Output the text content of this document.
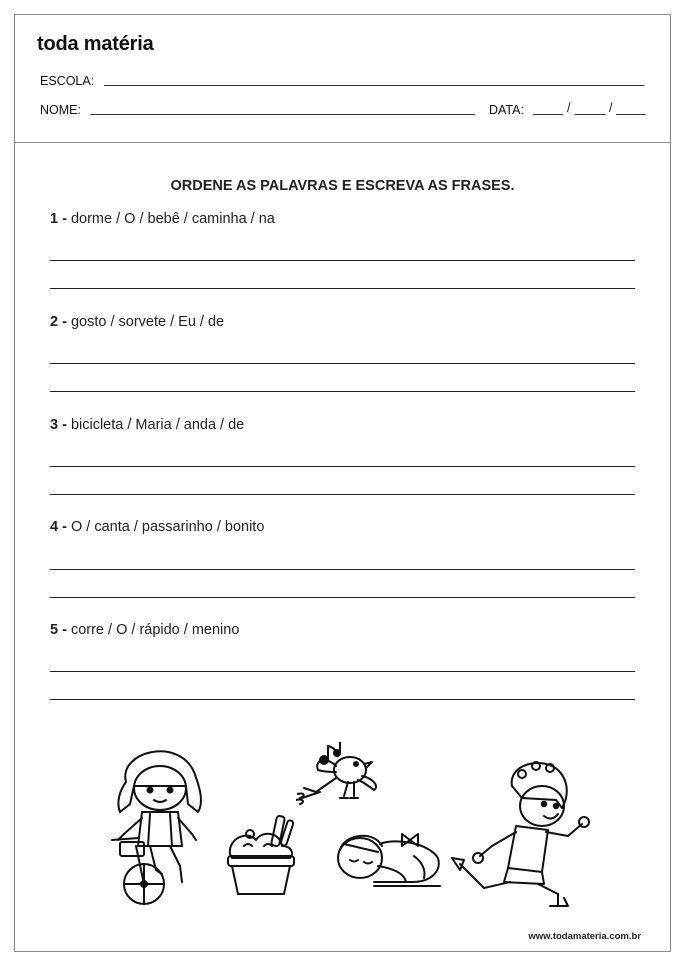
toda matéria
ESCOLA:
NOME:	DATA:	/	/
ORDENE AS PALAVRAS E ESCREVA AS FRASES.
1 - dorme / O / bebê / caminha / na
2 - gosto / sorvete / Eu / de
3 - bicicleta / Maria / anda / de
4 - O / canta / passarinho / bonito
5 - corre / O / rápido / menino
www.todamateria.com.br
